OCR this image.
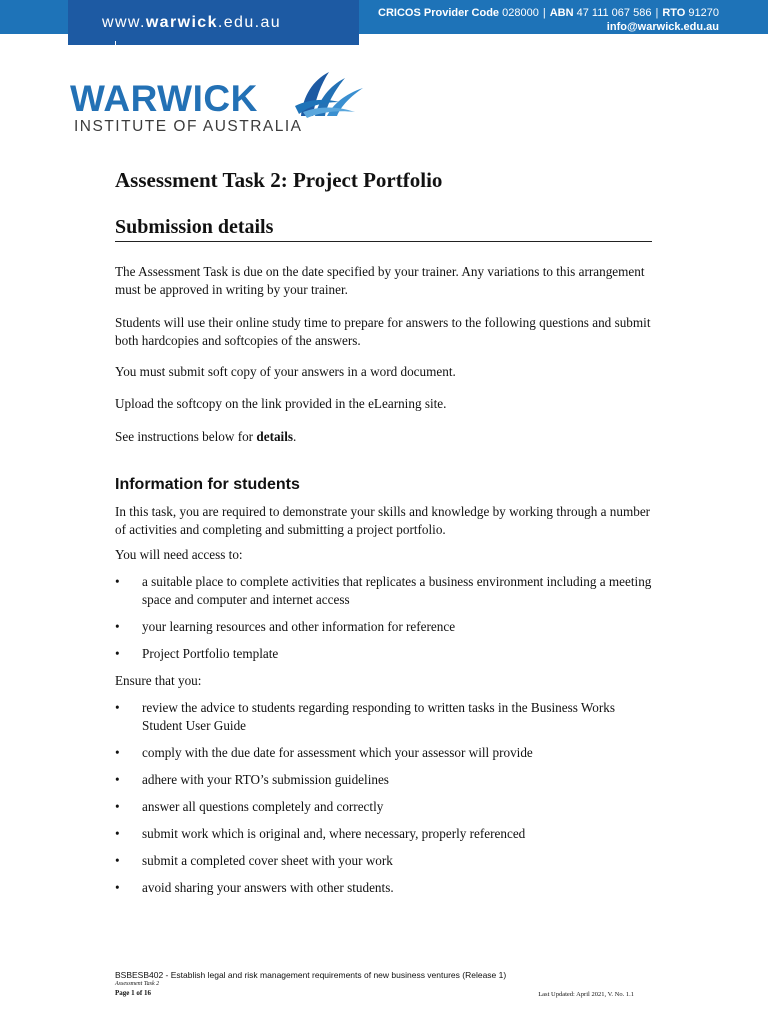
www.warwick.edu.au
CRICOS Provider Code 028000 | ABN 47 111 067 586 | RTO 91270
info@warwick.edu.au
WARWICK
INSTITUTE OF AUSTRALIA
Assessment Task 2: Project Portfolio
Submission details

The Assessment Task is due on the date specified by your trainer. Any variations to this arrangement must be approved in writing by your trainer.

Students will use their online study time to prepare for answers to the following questions and submit both hardcopies and softcopies of the answers.

You must submit soft copy of your answers in a word document.

Upload the softcopy on the link provided in the eLearning site.

See instructions below for details.

Information for students

In this task, you are required to demonstrate your skills and knowledge by working through a number of activities and completing and submitting a project portfolio.

You will need access to:

• a suitable place to complete activities that replicates a business environment including a meeting space and computer and internet access
• your learning resources and other information for reference
• Project Portfolio template

Ensure that you:

• review the advice to students regarding responding to written tasks in the Business Works Student User Guide
• comply with the due date for assessment which your assessor will provide
• adhere with your RTO’s submission guidelines
• answer all questions completely and correctly
• submit work which is original and, where necessary, properly referenced
• submit a completed cover sheet with your work
• avoid sharing your answers with other students.
BSBESB402 - Establish legal and risk management requirements of new business ventures (Release 1)
Assessment Task 2
Page 1 of 16	Last Updated: April 2021, V. No. 1.1
